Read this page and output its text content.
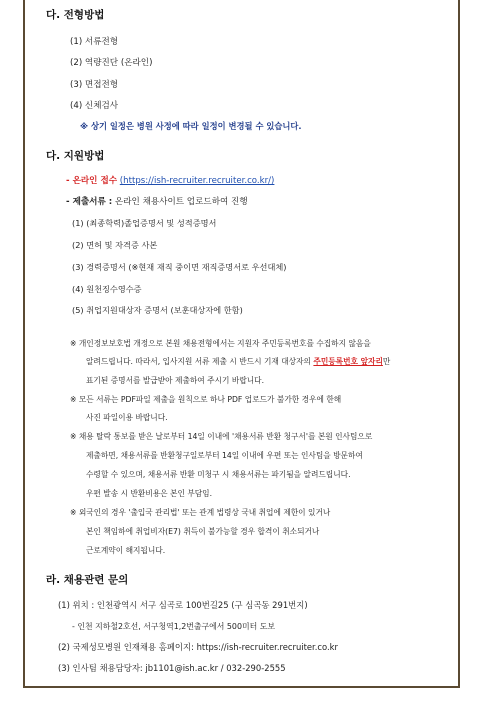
다. 전형방법
(1) 서류전형
(2) 역량진단 (온라인)
(3) 면접전형
(4) 신체검사
※ 상기 일정은 병원 사정에 따라 일정이 변경될 수 있습니다.
다. 지원방법
- 온라인 접수 (https://ish-recruiter.recruiter.co.kr/)
- 제출서류 : 온라인 채용사이트 업로드하여 진행
(1) (최종학력)졸업증명서 및 성적증명서
(2) 면허 및 자격증 사본
(3) 경력증명서 (※현재 재직 중이면 재직증명서로 우선대체)
(4) 원천징수영수증
(5) 취업지원대상자 증명서 (보훈대상자에 한함)
※ 개인정보보호법 개정으로 본원 채용전형에서는 지원자 주민등록번호를 수집하지 않음을
알려드립니다. 따라서, 입사지원 서류 제출 시 반드시 기재 대상자의 주민등록번호 앞자리만
표기된 증명서를 발급받아 제출하여 주시기 바랍니다.
※ 모든 서류는 PDF파일 제출을 원칙으로 하나 PDF 업로드가 불가한 경우에 한해
사진 파일이용 바랍니다.
※ 채용 탈락 통보를 받은 날로부터 14일 이내에 '채용서류 반환 청구서'를 본원 인사팀으로
제출하면, 채용서류를 반환청구일로부터 14일 이내에 우편 또는 인사팀을 방문하여
수령할 수 있으며, 채용서류 반환 미청구 시 채용서류는 파기됨을 알려드립니다.
우편 발송 시 반환비용은 본인 부담임.
※ 외국인의 경우 '출입국 관리법' 또는 관계 법령상 국내 취업에 제한이 있거나
본인 책임하에 취업비자(E7) 취득이 불가능할 경우 합격이 취소되거나
근로계약이 해지됩니다.
라. 채용관련 문의
(1) 위치 : 인천광역시 서구 심곡로 100번길25 (구 심곡동 291번지)
- 인천 지하철2호선, 서구청역1,2번출구에서 500미터 도보
(2) 국제성모병원 인재채용 홈페이지: https://ish-recruiter.recruiter.co.kr
(3) 인사팀 채용담당자: jb1101@ish.ac.kr / 032-290-2555
